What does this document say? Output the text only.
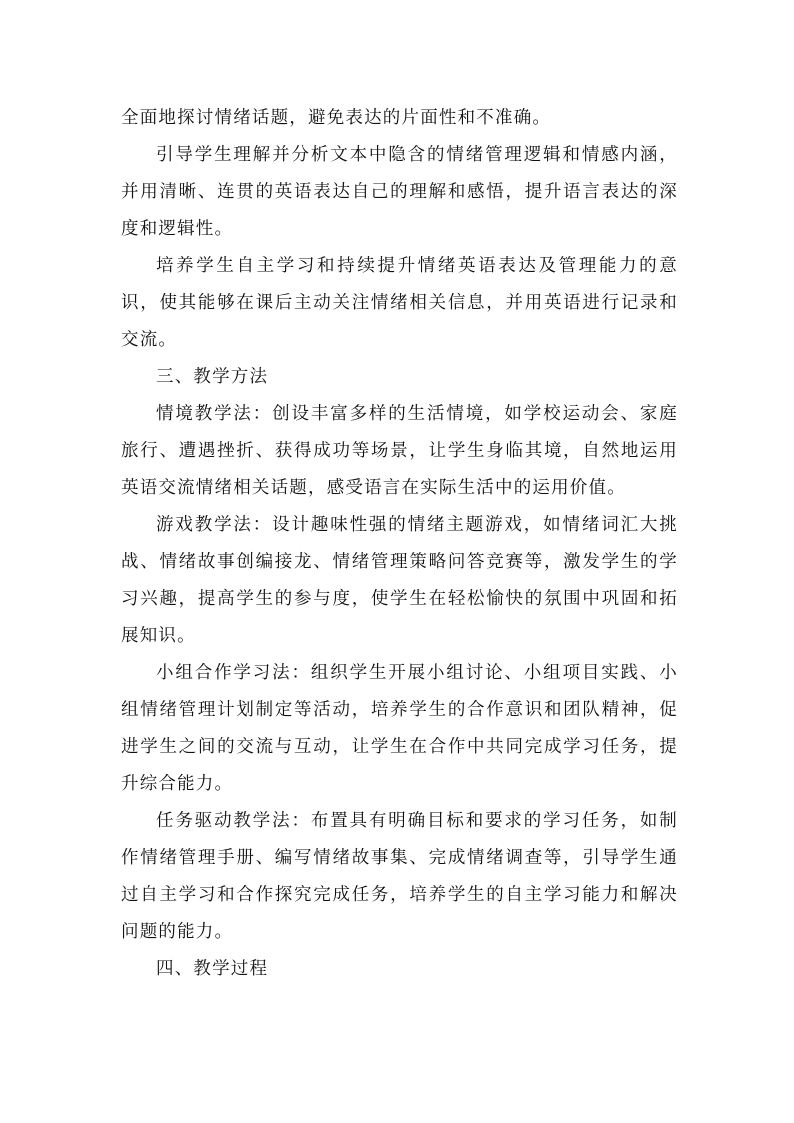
全面地探讨情绪话题，避免表达的片面性和不准确。

引导学生理解并分析文本中隐含的情绪管理逻辑和情感内涵，并用清晰、连贯的英语表达自己的理解和感悟，提升语言表达的深度和逻辑性。

培养学生自主学习和持续提升情绪英语表达及管理能力的意识，使其能够在课后主动关注情绪相关信息，并用英语进行记录和交流。

三、教学方法

情境教学法：创设丰富多样的生活情境，如学校运动会、家庭旅行、遭遇挫折、获得成功等场景，让学生身临其境，自然地运用英语交流情绪相关话题，感受语言在实际生活中的运用价值。

游戏教学法：设计趣味性强的情绪主题游戏，如情绪词汇大挑战、情绪故事创编接龙、情绪管理策略问答竞赛等，激发学生的学习兴趣，提高学生的参与度，使学生在轻松愉快的氛围中巩固和拓展知识。

小组合作学习法：组织学生开展小组讨论、小组项目实践、小组情绪管理计划制定等活动，培养学生的合作意识和团队精神，促进学生之间的交流与互动，让学生在合作中共同完成学习任务，提升综合能力。

任务驱动教学法：布置具有明确目标和要求的学习任务，如制作情绪管理手册、编写情绪故事集、完成情绪调查等，引导学生通过自主学习和合作探究完成任务，培养学生的自主学习能力和解决问题的能力。

四、教学过程
